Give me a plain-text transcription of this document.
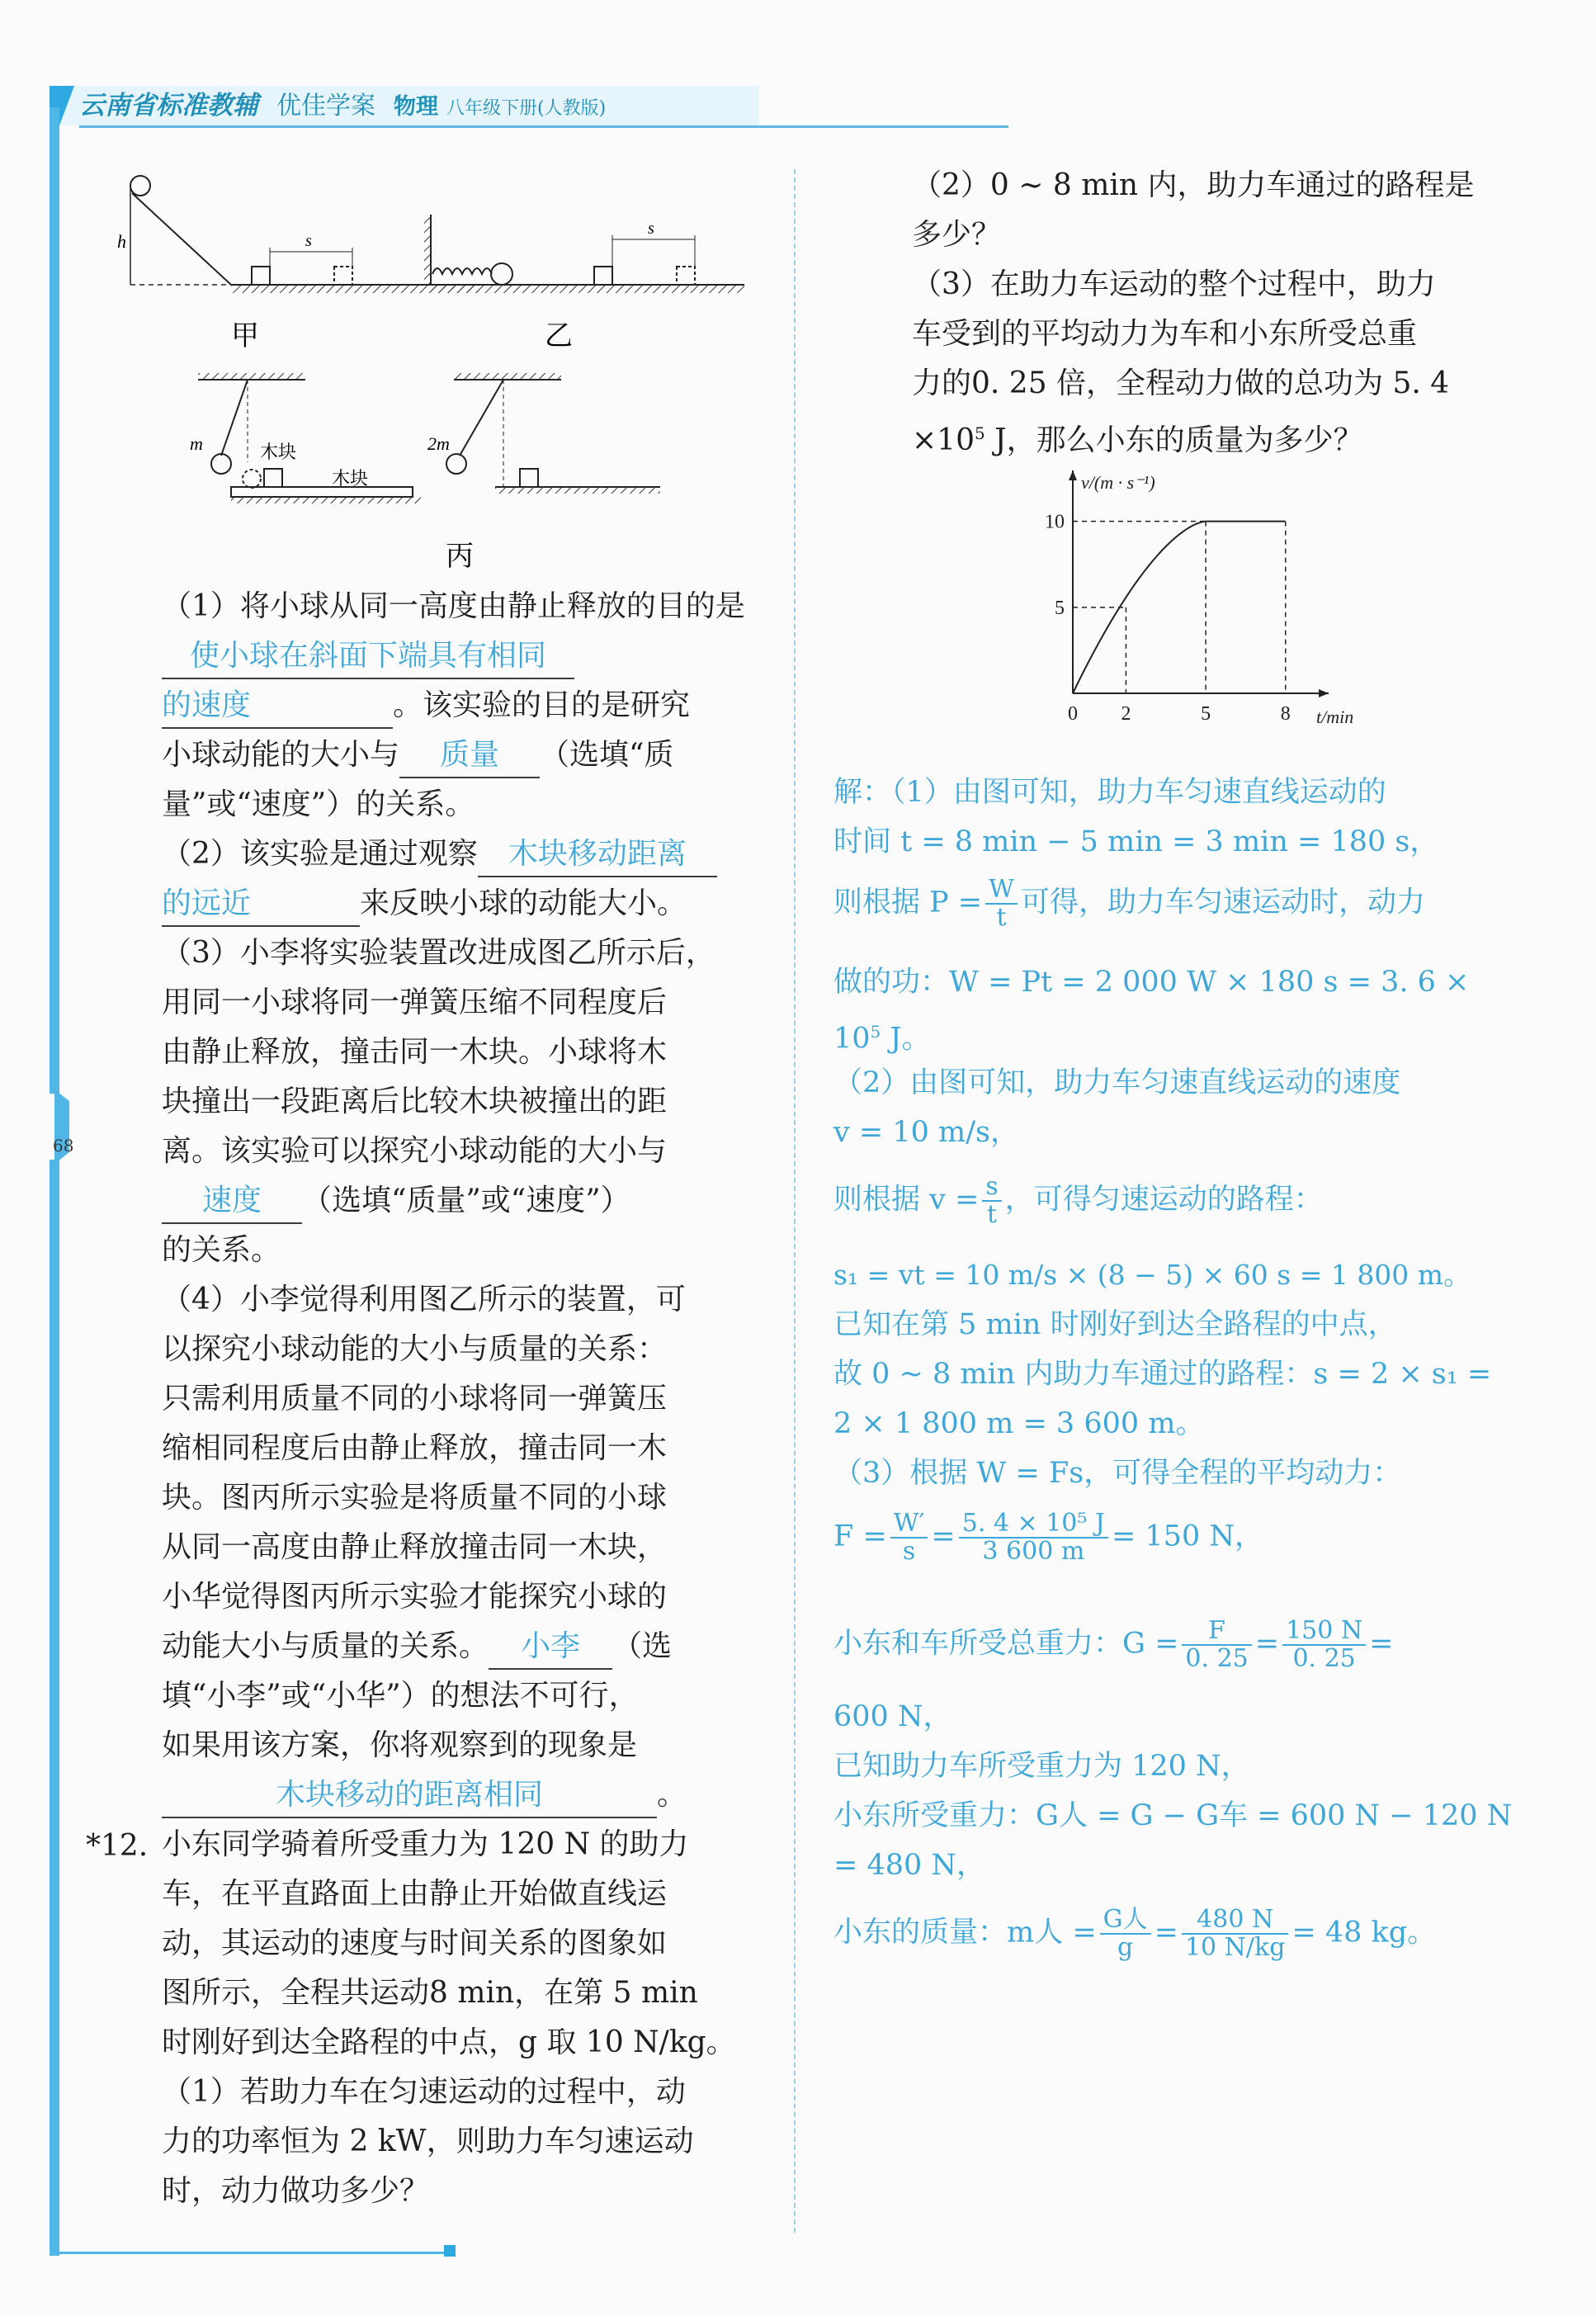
云南省标准教辅 优佳学案 物理 八年级下册(人教版)
68
h	s
甲
s
乙
m	木块
木块
2m
丙
（1）将小球从同一高度由静止释放的目的是
使小球在斜面下端具有相同
的速度	。该实验的目的是研究
小球动能的大小与 质量 （选填“质
量”或“速度”）的关系。
（2）该实验是通过观察 木块移动距离
的远近	来反映小球的动能大小。
（3）小李将实验装置改进成图乙所示后，
用同一小球将同一弹簧压缩不同程度后
由静止释放，撞击同一木块。小球将木
块撞出一段距离后比较木块被撞出的距
离。该实验可以探究小球动能的大小与
速度 （选填“质量”或“速度”）
的关系。
（4）小李觉得利用图乙所示的装置，可
以探究小球动能的大小与质量的关系：
只需利用质量不同的小球将同一弹簧压
缩相同程度后由静止释放，撞击同一木
块。图丙所示实验是将质量不同的小球
从同一高度由静止释放撞击同一木块，
小华觉得图丙所示实验才能探究小球的
动能大小与质量的关系。 小李 （选
填“小李”或“小华”）的想法不可行，
如果用该方案，你将观察到的现象是
木块移动的距离相同	。
*12. 小东同学骑着所受重力为 120 N 的助力
车，在平直路面上由静止开始做直线运
动，其运动的速度与时间关系的图象如
图所示，全程共运动8 min，在第 5 min
时刚好到达全路程的中点，g 取 10 N/kg。
（1）若助力车在匀速运动的过程中，动
力的功率恒为 2 kW，则助力车匀速运动
时，动力做功多少？
（2）0 ~ 8 min 内，助力车通过的路程是
多少？
（3）在助力车运动的整个过程中，助力
车受到的平均动力为车和小东所受总重
力的0. 25 倍，全程动力做的总功为 5. 4
$\times 10^5$ J，那么小东的质量为多少？
0 2	5	8
5
10
t/min
v/(m · s⁻¹)
解：（1）由图可知，助力车匀速直线运动的
时间 t = 8 min − 5 min = 3 min = 180 s，
则根据 $P = \frac{W}{t}$ 可得，助力车匀速运动时，动力
做的功：W = Pt = 2 000 W × 180 s = 3. 6 ×
$10^5$ J。
（2）由图可知，助力车匀速直线运动的速度
v = 10 m/s，
则根据 $v = \frac{s}{t}$ ，可得匀速运动的路程：
s₁ = vt = 10 m/s × (8 − 5) × 60 s = 1 800 m。
已知在第 5 min 时刚好到达全路程的中点，
故 0 ~ 8 min 内助力车通过的路程：s = 2 × s₁ =
2 × 1 800 m = 3 600 m。
（3）根据 W = Fs，可得全程的平均动力：
$F = \frac{W'}{s} = \frac{\text{5. 4 × 10⁵ J}}{3 600 m} = 150$ N，
小东和车所受总重力：$G = \frac{F}{0. 25} = \frac{150 N}{0. 25}$ =
600 N，
已知助力车所受重力为 120 N，
小东所受重力：G人 = G − G车 = 600 N − 120 N
= 480 N，
小东的质量：m人 = $\frac{\text{G人}}{g} = \frac{480 N}{10 N/kg} = 48$ kg。
